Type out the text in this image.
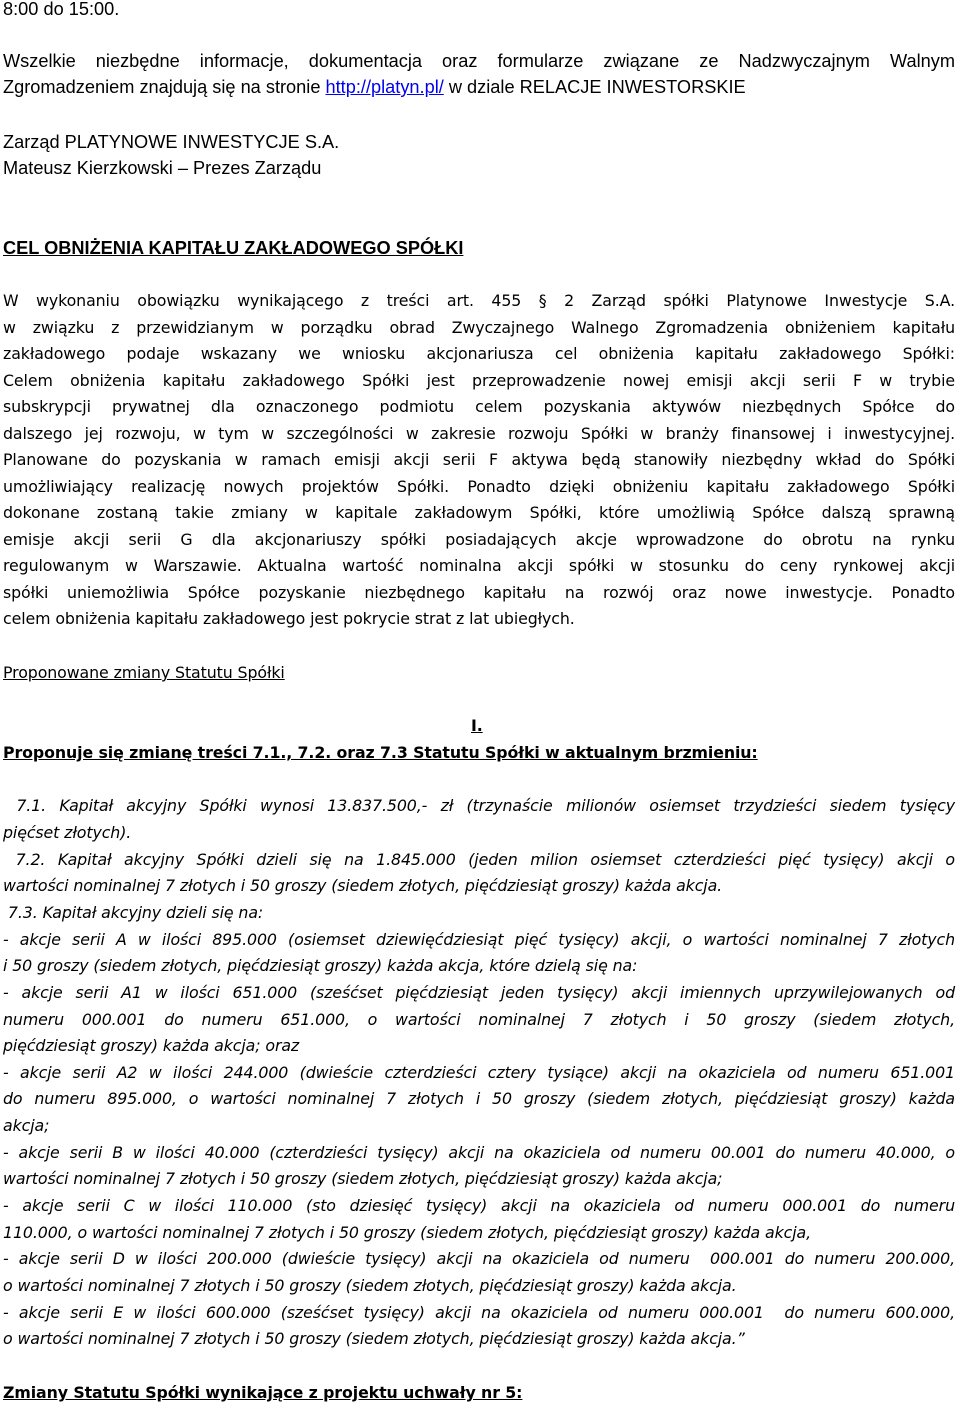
8:00 do 15:00.
Wszelkie niezbędne informacje, dokumentacja oraz formularze związane ze Nadzwyczajnym Walnym
Zgromadzeniem znajdują się na stronie http://platyn.pl/ w dziale RELACJE INWESTORSKIE
Zarząd PLATYNOWE INWESTYCJE S.A.
Mateusz Kierzkowski – Prezes Zarządu
CEL OBNIŻENIA KAPITAŁU ZAKŁADOWEGO SPÓŁKI
W wykonaniu obowiązku wynikającego z treści art. 455 § 2 Zarząd spółki Platynowe Inwestycje S.A.
w związku z przewidzianym w porządku obrad Zwyczajnego Walnego Zgromadzenia obniżeniem kapitału
zakładowego podaje wskazany we wniosku akcjonariusza cel obniżenia kapitału zakładowego Spółki:
Celem obniżenia kapitału zakładowego Spółki jest przeprowadzenie nowej emisji akcji serii F w trybie
subskrypcji prywatnej dla oznaczonego podmiotu celem pozyskania aktywów niezbędnych Spółce do
dalszego jej rozwoju, w tym w szczególności w zakresie rozwoju Spółki w branży finansowej i inwestycyjnej.
Planowane do pozyskania w ramach emisji akcji serii F aktywa będą stanowiły niezbędny wkład do Spółki
umożliwiający realizację nowych projektów Spółki. Ponadto dzięki obniżeniu kapitału zakładowego Spółki
dokonane zostaną takie zmiany w kapitale zakładowym Spółki, które umożliwią Spółce dalszą sprawną
emisje akcji serii G dla akcjonariuszy spółki posiadających akcje wprowadzone do obrotu na rynku
regulowanym w Warszawie. Aktualna wartość nominalna akcji spółki w stosunku do ceny rynkowej akcji
spółki uniemożliwia Spółce pozyskanie niezbędnego kapitału na rozwój oraz nowe inwestycje. Ponadto
celem obniżenia kapitału zakładowego jest pokrycie strat z lat ubiegłych.
Proponowane zmiany Statutu Spółki
I.
Proponuje się zmianę treści 7.1., 7.2. oraz 7.3 Statutu Spółki w aktualnym brzmieniu:
7.1. Kapitał akcyjny Spółki wynosi 13.837.500,- zł (trzynaście milionów osiemset trzydzieści siedem tysięcy
pięćset złotych).
7.2. Kapitał akcyjny Spółki dzieli się na 1.845.000 (jeden milion osiemset czterdzieści pięć tysięcy) akcji o
wartości nominalnej 7 złotych i 50 groszy (siedem złotych, pięćdziesiąt groszy) każda akcja.
7.3. Kapitał akcyjny dzieli się na:
- akcje serii A w ilości 895.000 (osiemset dziewięćdziesiąt pięć tysięcy) akcji, o wartości nominalnej 7 złotych
i 50 groszy (siedem złotych, pięćdziesiąt groszy) każda akcja, które dzielą się na:
- akcje serii A1 w ilości 651.000 (sześćset pięćdziesiąt jeden tysięcy) akcji imiennych uprzywilejowanych od
numeru 000.001 do numeru 651.000, o wartości nominalnej 7 złotych i 50 groszy (siedem złotych,
pięćdziesiąt groszy) każda akcja; oraz
- akcje serii A2 w ilości 244.000 (dwieście czterdzieści cztery tysiące) akcji na okaziciela od numeru 651.001
do numeru 895.000, o wartości nominalnej 7 złotych i 50 groszy (siedem złotych, pięćdziesiąt groszy) każda
akcja;
- akcje serii B w ilości 40.000 (czterdzieści tysięcy) akcji na okaziciela od numeru 00.001 do numeru 40.000, o
wartości nominalnej 7 złotych i 50 groszy (siedem złotych, pięćdziesiąt groszy) każda akcja;
- akcje serii C w ilości 110.000 (sto dziesięć tysięcy) akcji na okaziciela od numeru 000.001 do numeru
110.000, o wartości nominalnej 7 złotych i 50 groszy (siedem złotych, pięćdziesiąt groszy) każda akcja,
- akcje serii D w ilości 200.000 (dwieście tysięcy) akcji na okaziciela od numeru  000.001 do numeru 200.000,
o wartości nominalnej 7 złotych i 50 groszy (siedem złotych, pięćdziesiąt groszy) każda akcja.
- akcje serii E w ilości 600.000 (sześćset tysięcy) akcji na okaziciela od numeru 000.001  do numeru 600.000,
o wartości nominalnej 7 złotych i 50 groszy (siedem złotych, pięćdziesiąt groszy) każda akcja.”
Zmiany Statutu Spółki wynikające z projektu uchwały nr 5:
